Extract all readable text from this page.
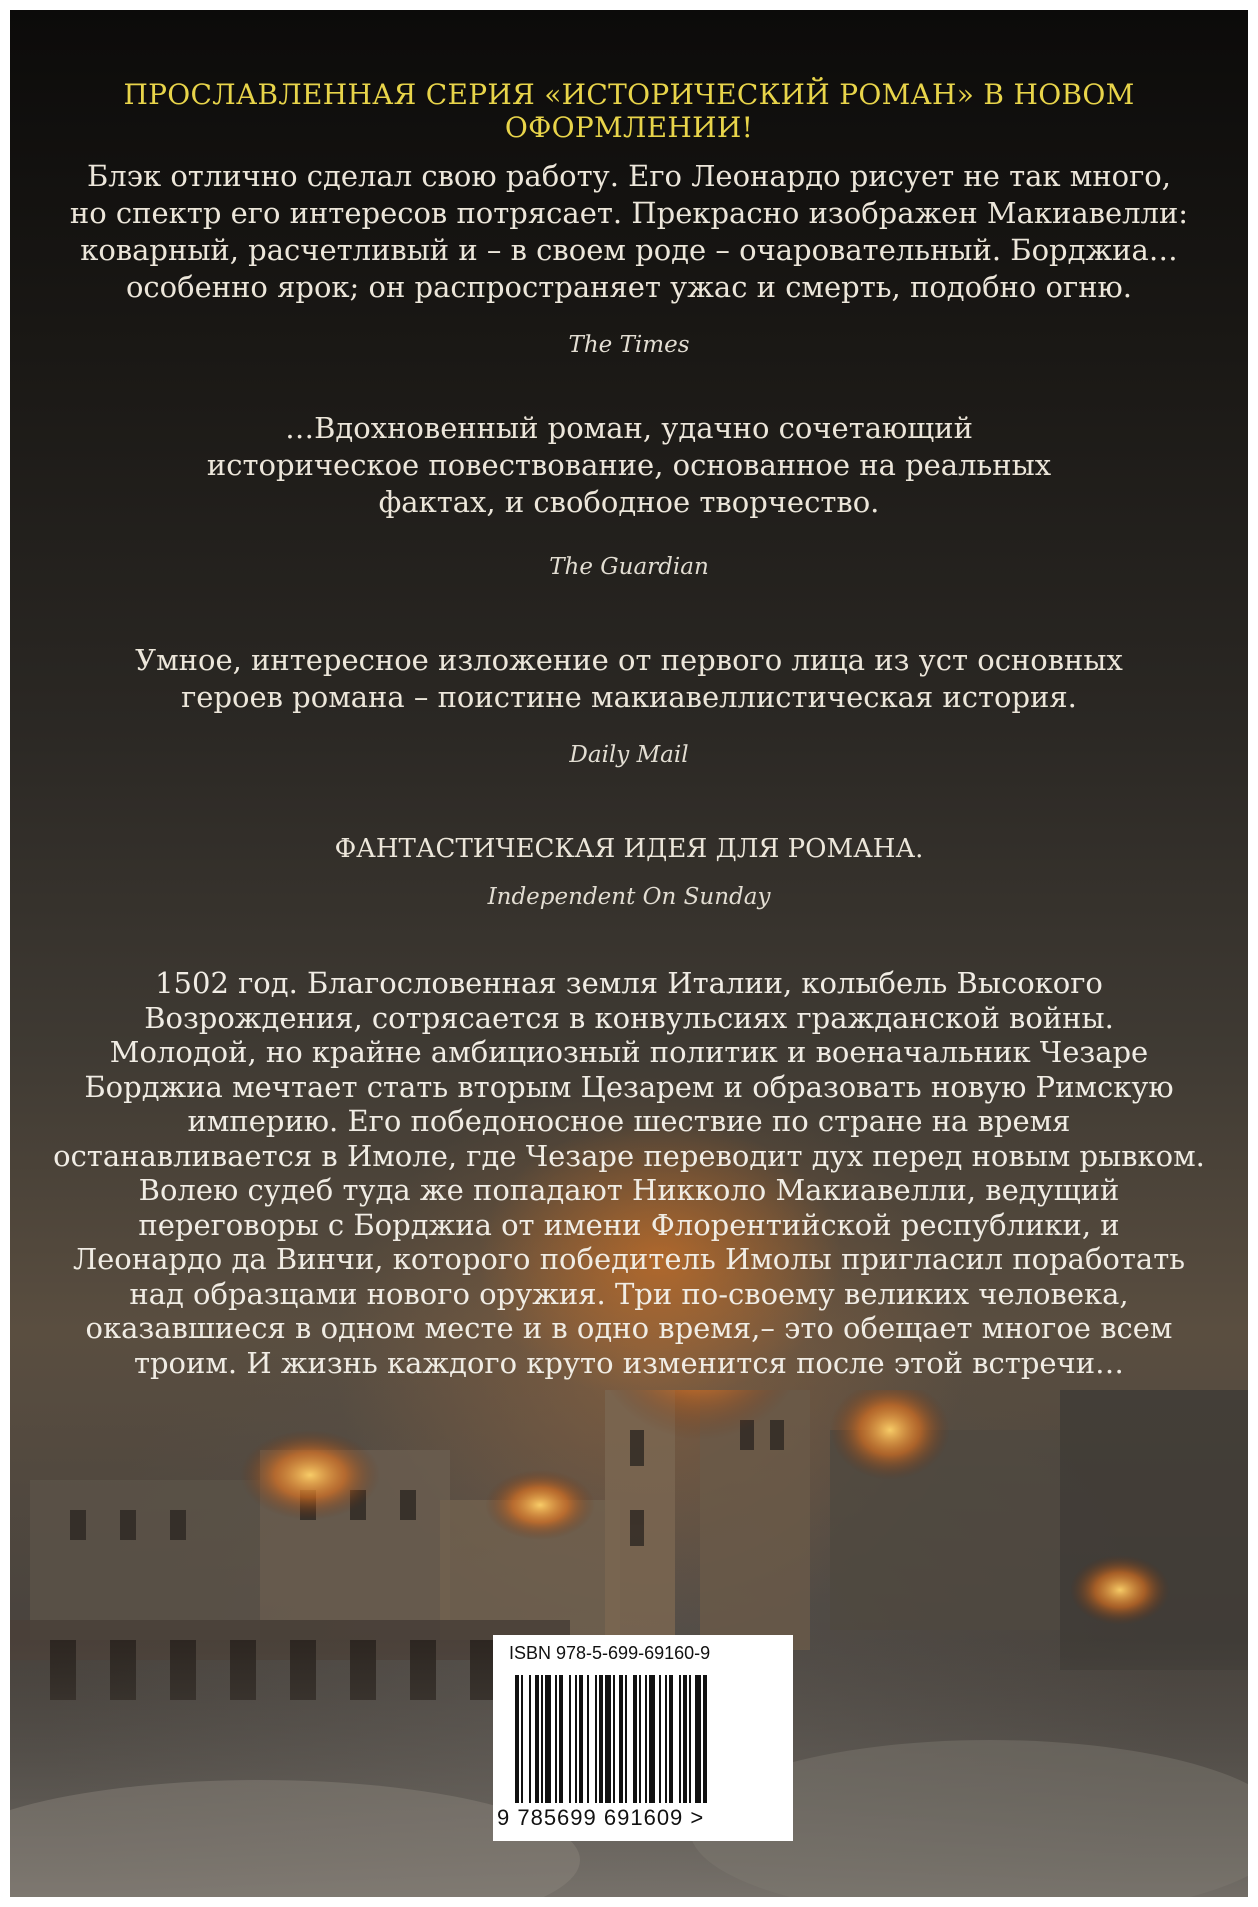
ПРОСЛАВЛЕННАЯ СЕРИЯ «ИСТОРИЧЕСКИЙ РОМАН» В НОВОМ ОФОРМЛЕНИИ!
Блэк отлично сделал свою работу. Его Леонардо рисует не так много,
но спектр его интересов потрясает. Прекрасно изображен Макиавелли:
коварный, расчетливый и – в своем роде – очаровательный. Борджиа…
особенно ярок; он распространяет ужас и смерть, подобно огню.
The Times
…Вдохновенный роман, удачно сочетающий
историческое повествование, основанное на реальных
фактах, и свободное творчество.
The Guardian
Умное, интересное изложение от первого лица из уст основных
героев романа – поистине макиавеллистическая история.
Daily Mail
ФАНТАСТИЧЕСКАЯ ИДЕЯ ДЛЯ РОМАНА.
Independent On Sunday
1502 год. Благословенная земля Италии, колыбель Высокого
Возрождения, сотрясается в конвульсиях гражданской войны.
Молодой, но крайне амбициозный политик и военачальник Чезаре
Борджиа мечтает стать вторым Цезарем и образовать новую Римскую
империю. Его победоносное шествие по стране на время
останавливается в Имоле, где Чезаре переводит дух перед новым рывком.
Волею судеб туда же попадают Никколо Макиавелли, ведущий
переговоры с Борджиа от имени Флорентийской республики, и
Леонардо да Винчи, которого победитель Имолы пригласил поработать
над образцами нового оружия. Три по-своему великих человека,
оказавшиеся в одном месте и в одно время,– это обещает многое всем
троим. И жизнь каждого круто изменится после этой встречи…
ISBN 978-5-699-69160-9
9 785699 691609 >
